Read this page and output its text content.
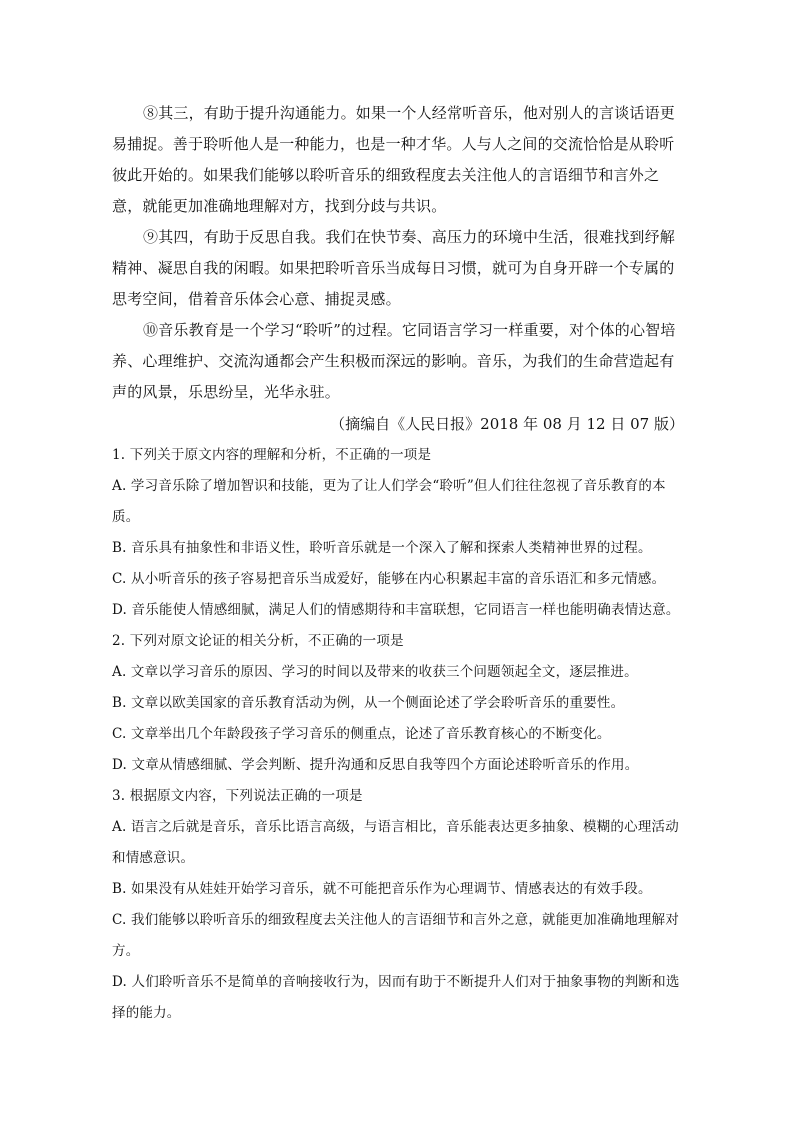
⑧其三，有助于提升沟通能力。如果一个人经常听音乐，他对别人的言谈话语更易捕捉。善于聆听他人是一种能力，也是一种才华。人与人之间的交流恰恰是从聆听彼此开始的。如果我们能够以聆听音乐的细致程度去关注他人的言语细节和言外之意，就能更加准确地理解对方，找到分歧与共识。

⑨其四，有助于反思自我。我们在快节奏、高压力的环境中生活，很难找到纾解精神、凝思自我的闲暇。如果把聆听音乐当成每日习惯，就可为自身开辟一个专属的思考空间，借着音乐体会心意、捕捉灵感。

⑩音乐教育是一个学习“聆听”的过程。它同语言学习一样重要，对个体的心智培养、心理维护、交流沟通都会产生积极而深远的影响。音乐，为我们的生命营造起有声的风景，乐思纷呈，光华永驻。

（摘编自《人民日报》2018 年 08 月 12 日 07 版）

1. 下列关于原文内容的理解和分析，不正确的一项是

A. 学习音乐除了增加智识和技能，更为了让人们学会“聆听”但人们往往忽视了音乐教育的本质。

B. 音乐具有抽象性和非语义性，聆听音乐就是一个深入了解和探索人类精神世界的过程。

C. 从小听音乐的孩子容易把音乐当成爱好，能够在内心积累起丰富的音乐语汇和多元情感。

D. 音乐能使人情感细腻，满足人们的情感期待和丰富联想，它同语言一样也能明确表情达意。

2. 下列对原文论证的相关分析，不正确的一项是

A. 文章以学习音乐的原因、学习的时间以及带来的收获三个问题领起全文，逐层推进。

B. 文章以欧美国家的音乐教育活动为例，从一个侧面论述了学会聆听音乐的重要性。

C. 文章举出几个年龄段孩子学习音乐的侧重点，论述了音乐教育核心的不断变化。

D. 文章从情感细腻、学会判断、提升沟通和反思自我等四个方面论述聆听音乐的作用。

3. 根据原文内容，下列说法正确的一项是

A. 语言之后就是音乐，音乐比语言高级，与语言相比，音乐能表达更多抽象、模糊的心理活动和情感意识。

B. 如果没有从娃娃开始学习音乐，就不可能把音乐作为心理调节、情感表达的有效手段。

C. 我们能够以聆听音乐的细致程度去关注他人的言语细节和言外之意，就能更加准确地理解对方。

D. 人们聆听音乐不是简单的音响接收行为，因而有助于不断提升人们对于抽象事物的判断和选择的能力。
